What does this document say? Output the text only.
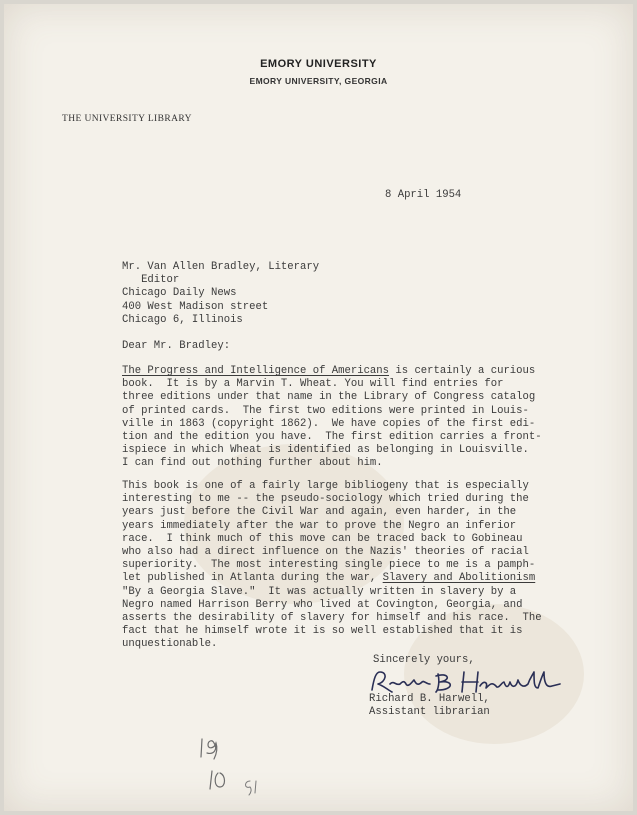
EMORY UNIVERSITY
EMORY UNIVERSITY, GEORGIA
THE UNIVERSITY LIBRARY
8 April 1954
Mr. Van Allen Bradley, Literary
Editor
Chicago Daily News
400 West Madison street
Chicago 6, Illinois
Dear Mr. Bradley:
The Progress and Intelligence of Americans is certainly a curious
book.  It is by a Marvin T. Wheat. You will find entries for
three editions under that name in the Library of Congress catalog
of printed cards.  The first two editions were printed in Louis-
ville in 1863 (copyright 1862).  We have copies of the first edi-
tion and the edition you have.  The first edition carries a front-
ispiece in which Wheat is identified as belonging in Louisville.
I can find out nothing further about him.
This book is one of a fairly large bibliogeny that is especially
interesting to me -- the pseudo-sociology which tried during the
years just before the Civil War and again, even harder, in the
years immediately after the war to prove the Negro an inferior
race.  I think much of this move can be traced back to Gobineau
who also had a direct influence on the Nazis' theories of racial
superiority.  The most interesting single piece to me is a pamph-
let published in Atlanta during the war, Slavery and Abolitionism
"By a Georgia Slave."  It was actually written in slavery by a
Negro named Harrison Berry who lived at Covington, Georgia, and
asserts the desirability of slavery for himself and his race.  The
fact that he himself wrote it is so well established that it is
unquestionable.
Sincerely yours,
Richard B. Harwell,
Assistant librarian
